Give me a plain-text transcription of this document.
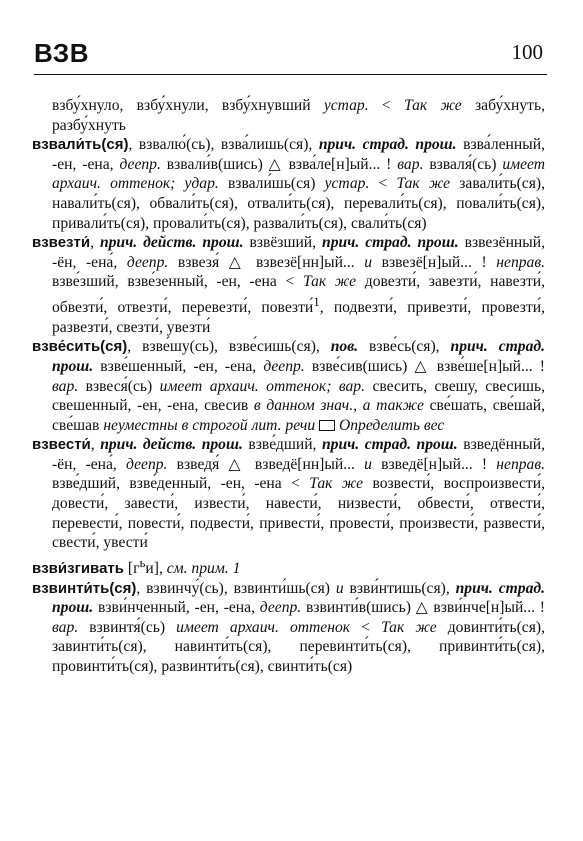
ВЗВ	100

взбу́хнуло, взбу́хнули, взбу́хнувший устар. < Так же забу́хнуть, разбу́хнуть

взвали́ть(ся), взвалю́(сь), взва́лишь(ся), прич. страд. прош. взва́ленный, -ен, -ена, деепр. взвали́в(шись) △ взва́ле[н]ый... ! вар. взваля́(сь) имеет архаич. оттенок; удар. взвали́шь(ся) устар. < Так же завали́ть(ся), навали́ть(ся), обвали́ть(ся), отвали́ть(ся), перевали́ть(ся), повали́ть(ся), привали́ть(ся), провали́ть(ся), развали́ть(ся), свали́ть(ся)

взвезти́, прич. действ. прош. взвёзший, прич. страд. прош. взвезённый, -ён, -ена́, деепр. взвезя́ △ взвезё[нн]ый... и взвезё[н]ый... ! неправ. взве́зший, взве́зенный, -ен, -ена < Так же довезти́, завезти́, навезти́, обвезти́, отвезти́, перевезти́, повезти́$^1$, подвезти́, привезти́, провезти́, развезти́, свезти́, увезти́

взве́сить(ся), взве́шу(сь), взве́сишь(ся), пов. взве́сь(ся), прич. страд. прош. взве́шенный, -ен, -ена, деепр. взве́сив(шись) △ взве́ше[н]ый... ! вар. взвеся́(сь) имеет архаич. оттенок; вар. свесить, свешу, свесишь, свешенный, -ен, -ена, свесив в данном знач., а также све́шать, све́шай, све́шав неуместны в строгой лит. речи Определить вес

взвести́, прич. действ. прош. взве́дший, прич. страд. прош. взведённый, -ён, -ена́, деепр. взведя́ △ взведё[нн]ый... и взведё[н]ый... ! неправ. взве́дший, взве́денный, -ен, -ена < Так же возвести́, воспроизвести́, довести́, завести́, извести́, навести́, низвести́, обвести́, отвести́, перевести́, повести́, подвести́, привести́, провести́, произвести́, развести́, свести́, увести́

взви́згивать $[г^ьи]$, см. прим. 1

взвинти́ть(ся), взвинчу́(сь), взвинти́шь(ся) и взви́нтишь(ся), прич. страд. прош. взви́нченный, -ен, -ена, деепр. взвинти́в(шись) △ взви́нче[н]ый... ! вар. взвинтя́(сь) имеет архаич. оттенок < Так же довинти́ть(ся), завинти́ть(ся), навинти́ть(ся), перевинти́ть(ся), привинти́ть(ся), провинти́ть(ся), развинти́ть(ся), свинти́ть(ся)
